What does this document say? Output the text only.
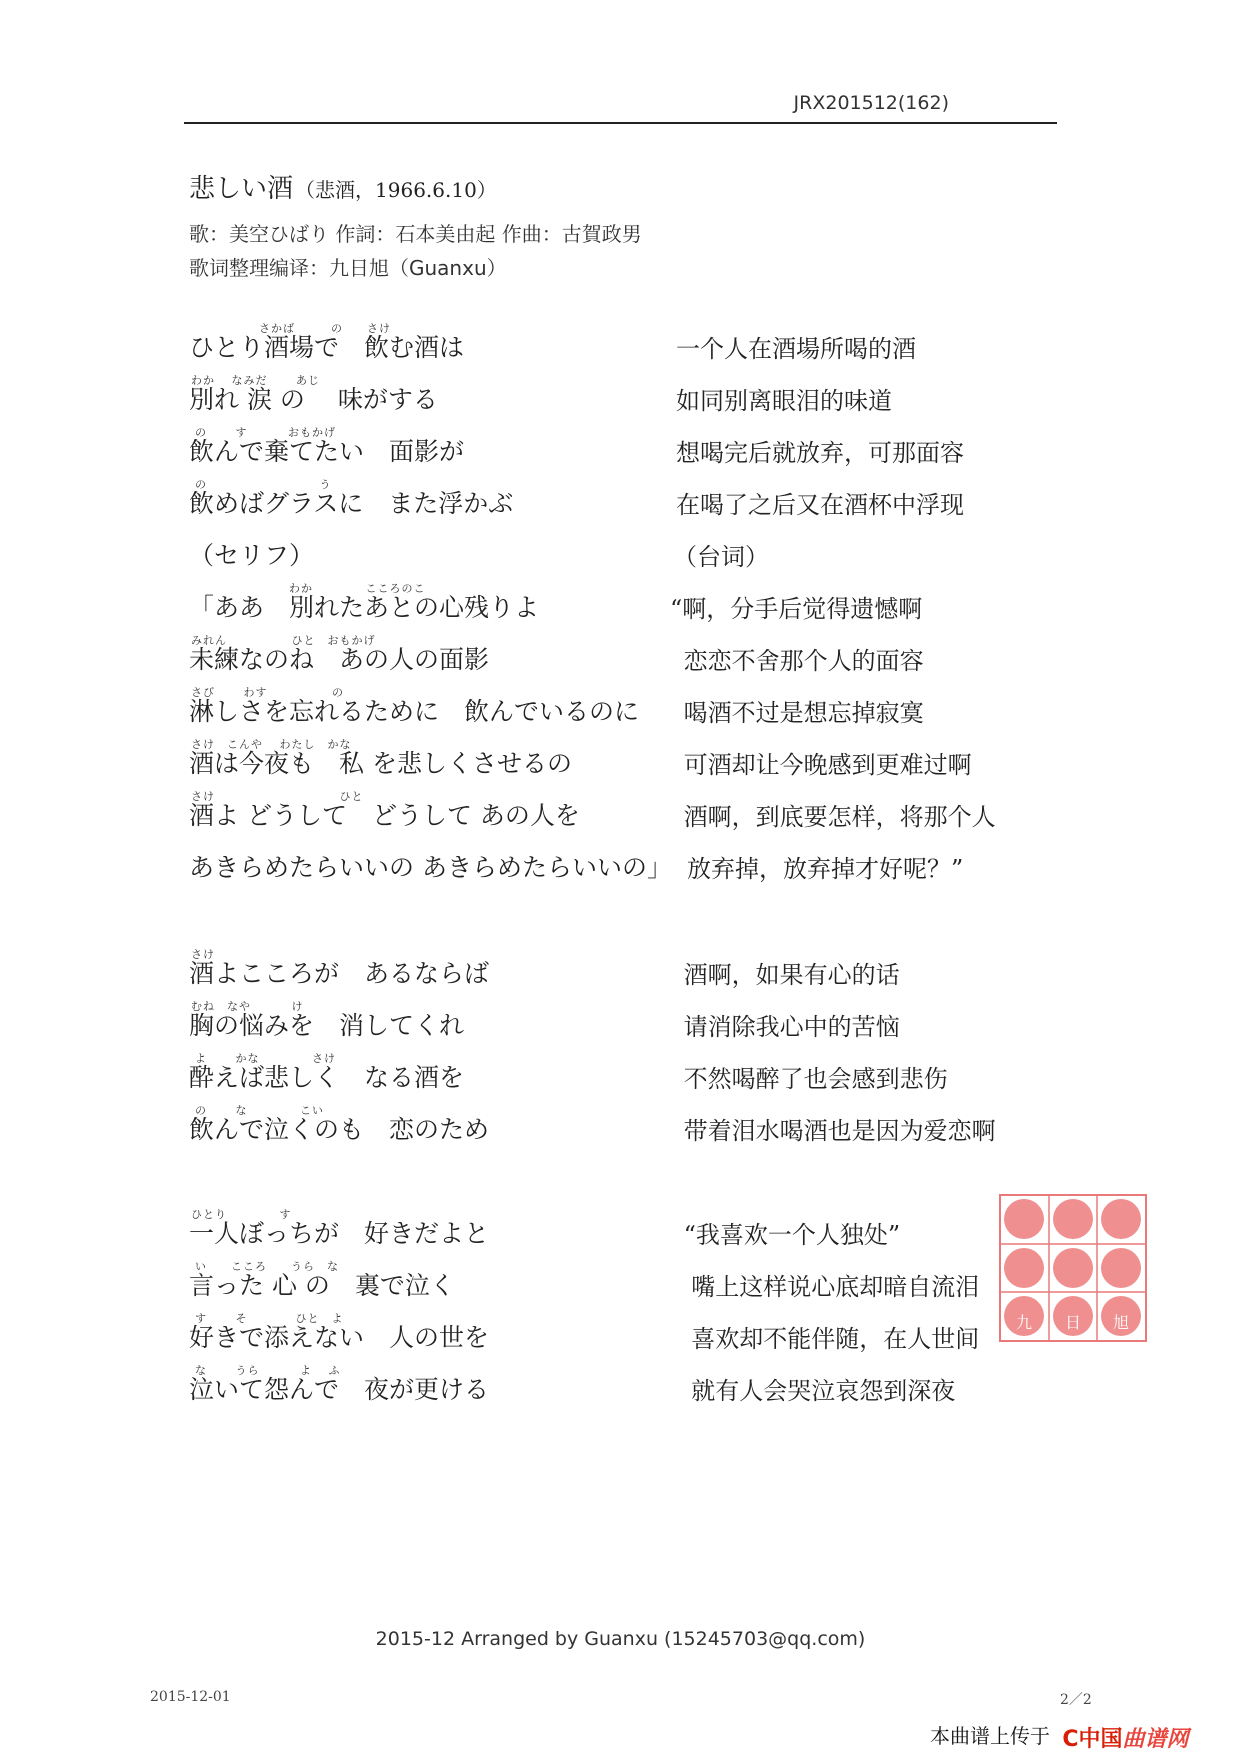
JRX201512(162)
悲しい酒 （悲酒，1966.6.10）
歌：美空ひばり 作詞：石本美由起 作曲：古賀政男
歌词整理编译：九日旭（Guanxu）
さかば　　　の　　さけ
ひとり酒場で　飲む酒は	一个人在酒場所喝的酒
わか　 なみだ　　 あじ
別れ 涙 の　 味がする	如同别离眼泪的味道
の　　 す　　　 おもかげ
飲んで棄てたい　面影が	想喝完后就放弃，可那面容
の　　　　　　　　　 う
飲めばグラスに　また浮かぶ	在喝了之后又在酒杯中浮现
（セリフ）	（台词）
わか　　　　 こころのこ
「ああ　別れたあとの心残りよ	“啊，分手后觉得遗憾啊
みれん　　　　　 ひと　おもかげ
未練なのね　あの人の面影	恋恋不舍那个人的面容
さび　　 わす　　　　　 の
淋しさを忘れるために　飲んでいるのに 喝酒不过是想忘掉寂寞
さけ　こんや　 わたし　かな
酒は今夜も　私 を悲しくさせるの	可酒却让今晚感到更难过啊
さけ　　　　　　　　　　 ひと
酒よ どうして　どうして あの人を	酒啊，到底要怎样，将那个人
あきらめたらいいの あきらめたらいいの」 放弃掉，放弃掉才好呢？”
さけ
酒よこころが　あるならば	酒啊，如果有心的话
むね　なや　　　 け
胸の悩みを　消してくれ	请消除我心中的苦恼
よ　　 かな　　　　 さけ
酔えば悲しく　なる酒を	不然喝醉了也会感到悲伤
の　　 な　　　　 こい
飲んで泣くのも　恋のため	带着泪水喝酒也是因为爱恋啊
ひとり　　　　 す
一人ぼっちが　好きだよと	“我喜欢一个人独处”
い　　こころ　　うら　な
言った 心 の　裏で泣く	嘴上这样说心底却暗自流泪
す　　 そ　　　　ひと　よ
好きで添えない　人の世を	喜欢却不能伴随，在人世间
な　　 うら　　　 よ　 ふ
泣いて怨んで　夜が更ける	就有人会哭泣哀怨到深夜
九 日 旭
2015-12 Arranged by Guanxu (15245703@qq.com)
2015-12-01	2／2
本曲谱上传于 C中国曲谱网
